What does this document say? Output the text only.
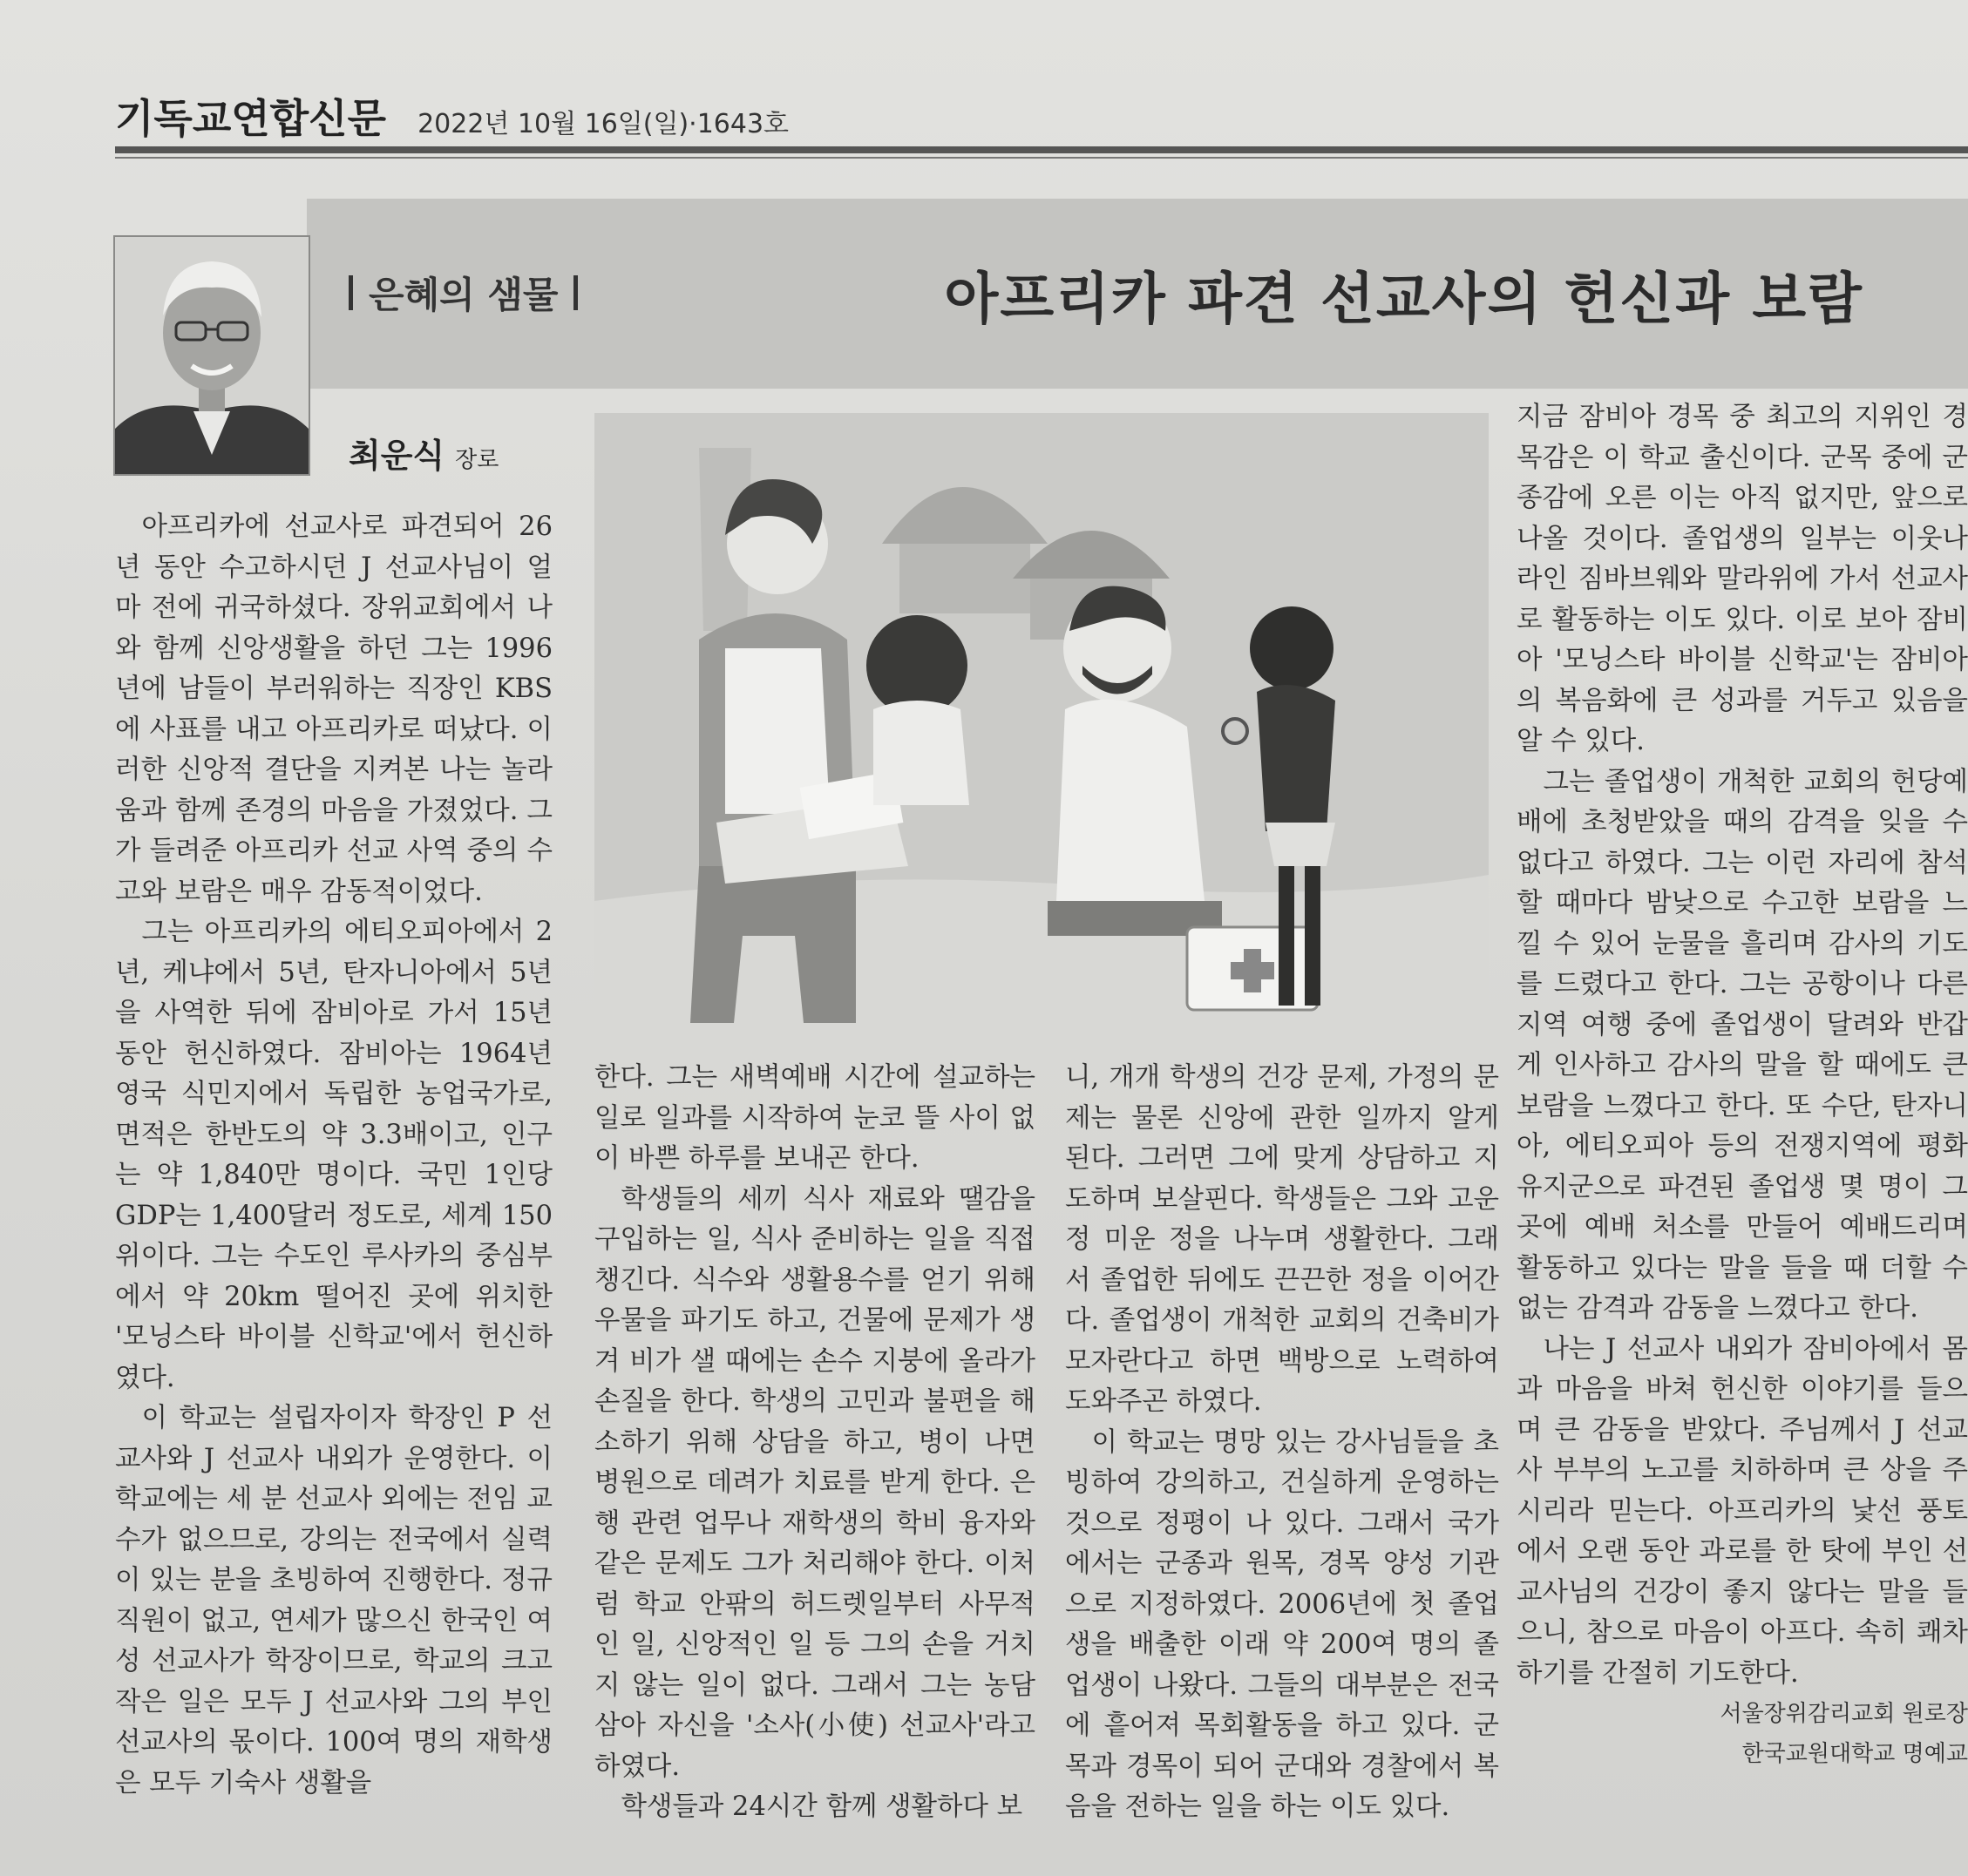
기독교연합신문 2022년 10월 16일(일)·1643호
은혜의 샘물	아프리카 파견 선교사의 헌신과 보람
최운식 장로

아프리카에 선교사로 파견되어 26년 동안 수고하시던 J 선교사님이 얼마 전에 귀국하셨다. 장위교회에서 나와 함께 신앙생활을 하던 그는 1996년에 남들이 부러워하는 직장인 KBS에 사표를 내고 아프리카로 떠났다. 이러한 신앙적 결단을 지켜본 나는 놀라움과 함께 존경의 마음을 가졌었다. 그가 들려준 아프리카 선교 사역 중의 수고와 보람은 매우 감동적이었다.

그는 아프리카의 에티오피아에서 2년, 케냐에서 5년, 탄자니아에서 5년을 사역한 뒤에 잠비아로 가서 15년 동안 헌신하였다. 잠비아는 1964년 영국 식민지에서 독립한 농업국가로, 면적은 한반도의 약 3.3배이고, 인구는 약 1,840만 명이다. 국민 1인당 GDP는 1,400달러 정도로, 세계 150위이다. 그는 수도인 루사카의 중심부에서 약 20km 떨어진 곳에 위치한 '모닝스타 바이블 신학교'에서 헌신하였다.

이 학교는 설립자이자 학장인 P 선교사와 J 선교사 내외가 운영한다. 이 학교에는 세 분 선교사 외에는 전임 교수가 없으므로, 강의는 전국에서 실력이 있는 분을 초빙하여 진행한다. 정규 직원이 없고, 연세가 많으신 한국인 여성 선교사가 학장이므로, 학교의 크고 작은 일은 모두 J 선교사와 그의 부인 선교사의 몫이다. 100여 명의 재학생은 모두 기숙사 생활을

한다. 그는 새벽예배 시간에 설교하는 일로 일과를 시작하여 눈코 뜰 사이 없이 바쁜 하루를 보내곤 한다.

학생들의 세끼 식사 재료와 땔감을 구입하는 일, 식사 준비하는 일을 직접 챙긴다. 식수와 생활용수를 얻기 위해 우물을 파기도 하고, 건물에 문제가 생겨 비가 샐 때에는 손수 지붕에 올라가 손질을 한다. 학생의 고민과 불편을 해소하기 위해 상담을 하고, 병이 나면 병원으로 데려가 치료를 받게 한다. 은행 관련 업무나 재학생의 학비 융자와 같은 문제도 그가 처리해야 한다. 이처럼 학교 안팎의 허드렛일부터 사무적인 일, 신앙적인 일 등 그의 손을 거치지 않는 일이 없다. 그래서 그는 농담 삼아 자신을 '소사(小使) 선교사'라고 하였다.

학생들과 24시간 함께 생활하다 보

니, 개개 학생의 건강 문제, 가정의 문제는 물론 신앙에 관한 일까지 알게 된다. 그러면 그에 맞게 상담하고 지도하며 보살핀다. 학생들은 그와 고운 정 미운 정을 나누며 생활한다. 그래서 졸업한 뒤에도 끈끈한 정을 이어간다. 졸업생이 개척한 교회의 건축비가 모자란다고 하면 백방으로 노력하여 도와주곤 하였다.

이 학교는 명망 있는 강사님들을 초빙하여 강의하고, 건실하게 운영하는 것으로 정평이 나 있다. 그래서 국가에서는 군종과 원목, 경목 양성 기관으로 지정하였다. 2006년에 첫 졸업생을 배출한 이래 약 200여 명의 졸업생이 나왔다. 그들의 대부분은 전국에 흩어져 목회활동을 하고 있다. 군목과 경목이 되어 군대와 경찰에서 복음을 전하는 일을 하는 이도 있다.

지금 잠비아 경목 중 최고의 지위인 경목감은 이 학교 출신이다. 군목 중에 군종감에 오른 이는 아직 없지만, 앞으로 나올 것이다. 졸업생의 일부는 이웃나라인 짐바브웨와 말라위에 가서 선교사로 활동하는 이도 있다. 이로 보아 잠비아 '모닝스타 바이블 신학교'는 잠비아의 복음화에 큰 성과를 거두고 있음을 알 수 있다.

그는 졸업생이 개척한 교회의 헌당예배에 초청받았을 때의 감격을 잊을 수 없다고 하였다. 그는 이런 자리에 참석할 때마다 밤낮으로 수고한 보람을 느낄 수 있어 눈물을 흘리며 감사의 기도를 드렸다고 한다. 그는 공항이나 다른 지역 여행 중에 졸업생이 달려와 반갑게 인사하고 감사의 말을 할 때에도 큰 보람을 느꼈다고 한다. 또 수단, 탄자니아, 에티오피아 등의 전쟁지역에 평화유지군으로 파견된 졸업생 몇 명이 그곳에 예배 처소를 만들어 예배드리며 활동하고 있다는 말을 들을 때 더할 수 없는 감격과 감동을 느꼈다고 한다.

나는 J 선교사 내외가 잠비아에서 몸과 마음을 바쳐 헌신한 이야기를 들으며 큰 감동을 받았다. 주님께서 J 선교사 부부의 노고를 치하하며 큰 상을 주시리라 믿는다. 아프리카의 낯선 풍토에서 오랜 동안 과로를 한 탓에 부인 선교사님의 건강이 좋지 않다는 말을 들으니, 참으로 마음이 아프다. 속히 쾌차하기를 간절히 기도한다.

서울장위감리교회 원로장
한국교원대학교 명예교
